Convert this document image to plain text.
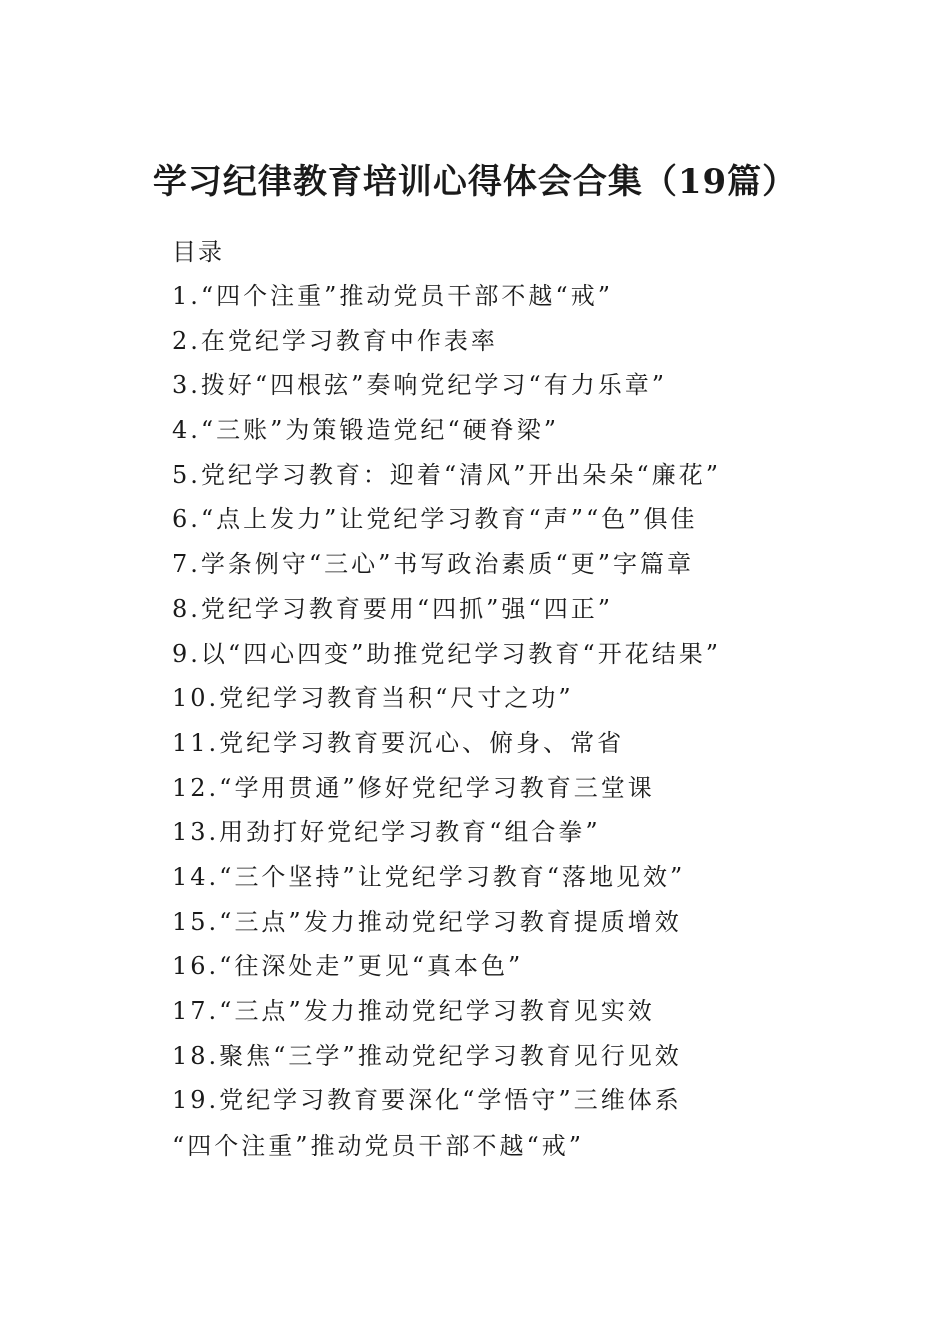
学习纪律教育培训心得体会合集（19篇）
目录
1.“四个注重”推动党员干部不越“戒”
2.在党纪学习教育中作表率
3.拨好“四根弦”奏响党纪学习“有力乐章”
4.“三账”为策锻造党纪“硬脊梁”
5.党纪学习教育：迎着“清风”开出朵朵“廉花”
6.“点上发力”让党纪学习教育“声”“色”俱佳
7.学条例守“三心”书写政治素质“更”字篇章
8.党纪学习教育要用“四抓”强“四正”
9.以“四心四变”助推党纪学习教育“开花结果”
10.党纪学习教育当积“尺寸之功”
11.党纪学习教育要沉心、俯身、常省
12.“学用贯通”修好党纪学习教育三堂课
13.用劲打好党纪学习教育“组合拳”
14.“三个坚持”让党纪学习教育“落地见效”
15.“三点”发力推动党纪学习教育提质增效
16.“往深处走”更见“真本色”
17.“三点”发力推动党纪学习教育见实效
18.聚焦“三学”推动党纪学习教育见行见效
19.党纪学习教育要深化“学悟守”三维体系
“四个注重”推动党员干部不越“戒”
